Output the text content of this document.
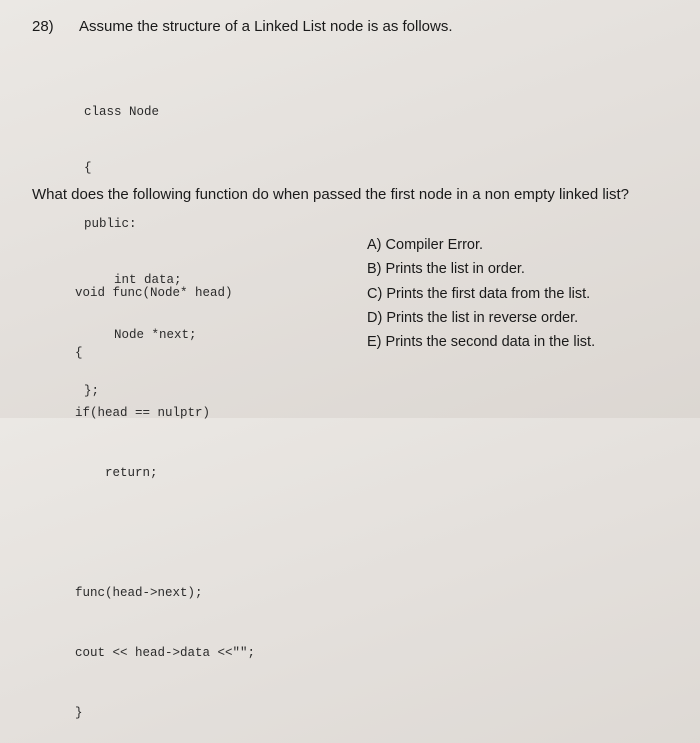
28) Assume the structure of a Linked List node is as follows.

class Node

{

public:

int data;

Node *next;

};

What does the following function do when passed the first node in a non empty linked list?

void func(Node* head)

{

if(head == nulptr)

return;

func(head->next);

cout << head->data <<"";

}

A) Compiler Error.

B) Prints the list in order.

C) Prints the first data from the list.

D) Prints the list in reverse order.

E) Prints the second data in the list.
